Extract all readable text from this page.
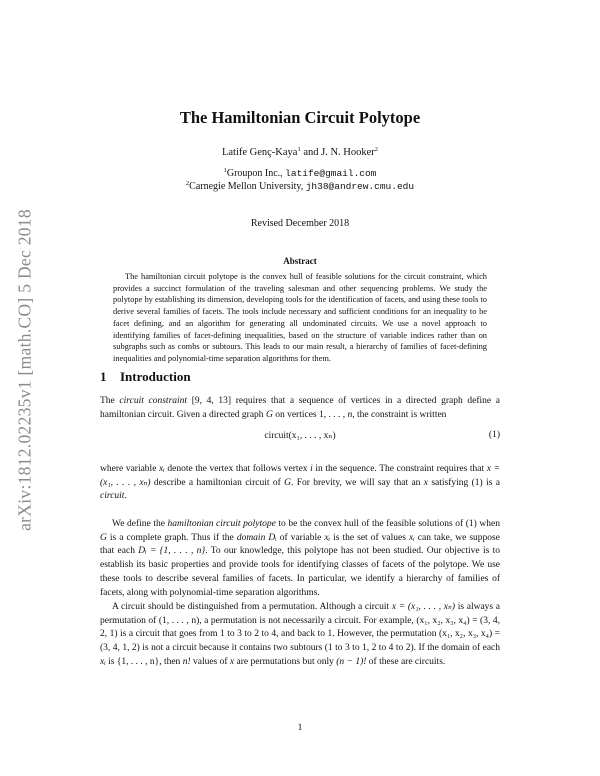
arXiv:1812.02235v1 [math.CO] 5 Dec 2018
The Hamiltonian Circuit Polytope
Latife Genç-Kaya$^1$ and J. N. Hooker$^2$
$^1$Groupon Inc., latife@gmail.com
$^2$Carnegie Mellon University, jh38@andrew.cmu.edu
Revised December 2018
Abstract
The hamiltonian circuit polytope is the convex hull of feasible solutions for the circuit constraint, which provides a succinct formulation of the traveling salesman and other sequencing problems. We study the polytope by establishing its dimension, developing tools for the identification of facets, and using these tools to derive several families of facets. The tools include necessary and sufficient conditions for an inequality to be facet defining, and an algorithm for generating all undominated circuits. We use a novel approach to identifying families of facet-defining inequalities, based on the structure of variable indices rather than on subgraphs such as combs or subtours. This leads to our main result, a hierarchy of families of facet-defining inequalities and polynomial-time separation algorithms for them.
1 Introduction
The circuit constraint [9, 4, 13] requires that a sequence of vertices in a directed graph define a hamiltonian circuit. Given a directed graph G on vertices 1, . . . , n, the constraint is written
circuit(x₁, . . . , xₙ)	(1)
where variable xᵢ denote the vertex that follows vertex i in the sequence. The constraint requires that x = (x₁, . . . , xₙ) describe a hamiltonian circuit of G. For brevity, we will say that an x satisfying (1) is a circuit.
We define the hamiltonian circuit polytope to be the convex hull of the feasible solutions of (1) when G is a complete graph. Thus if the domain Dᵢ of variable xᵢ is the set of values xᵢ can take, we suppose that each Dᵢ = {1, . . . , n}. To our knowledge, this polytope has not been studied. Our objective is to establish its basic properties and provide tools for identifying classes of facets of the polytope. We use these tools to describe several families of facets. In particular, we identify a hierarchy of families of facets, along with polynomial-time separation algorithms.
A circuit should be distinguished from a permutation. Although a circuit x = (x₁, . . . , xₙ) is always a permutation of (1, . . . , n), a permutation is not necessarily a circuit. For example, (x₁, x₂, x₃, x₄) = (3, 4, 2, 1) is a circuit that goes from 1 to 3 to 2 to 4, and back to 1. However, the permutation (x₁, x₂, x₃, x₄) = (3, 4, 1, 2) is not a circuit because it contains two subtours (1 to 3 to 1, 2 to 4 to 2). If the domain of each xᵢ is {1, . . . , n}, then n! values of x are permutations but only (n − 1)! of these are circuits.
1
